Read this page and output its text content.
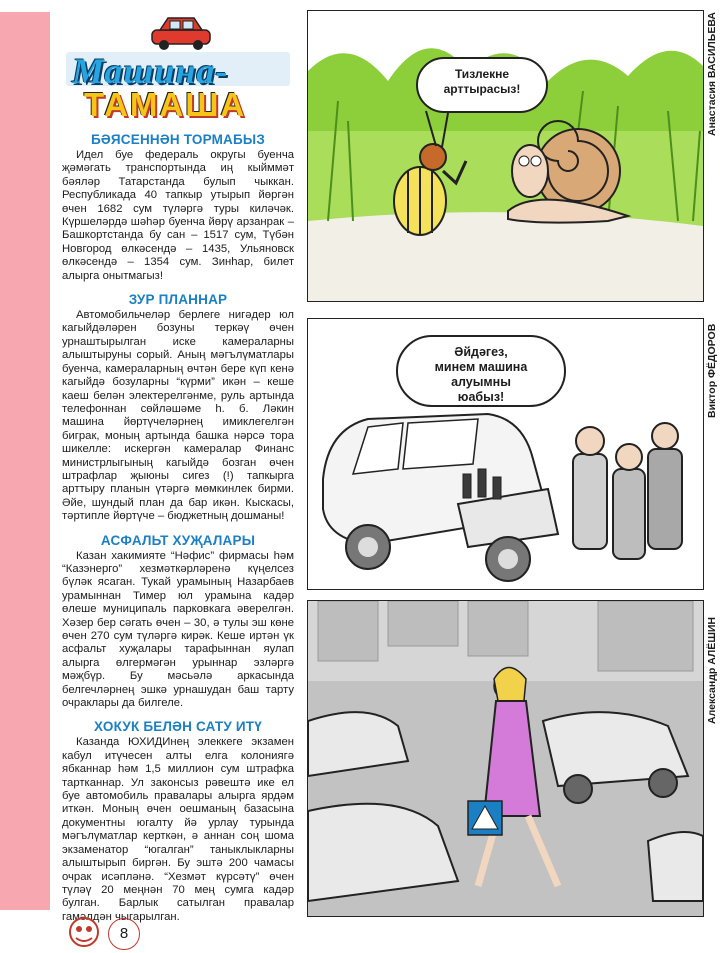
Машина-
ТАМАША
БӘЯСЕННӘН ТОРМАБЫЗ

Идел буе федераль округы буенча җәмәгать транспортында иң кыйммәт бәяләр Татарстанда булып чыккан. Республикада 40 тапкыр утырып йөргән өчен 1682 сум түләргә туры киләчәк. Күршеләрдә шәһәр буенча йөрү арзанрак – Башкортстанда бу сан – 1517 сум, Түбән Новгород өлкәсендә – 1435, Ульяновск өлкәсендә – 1354 сум. Зинһар, билет алырга онытмагыз!

ЗУР ПЛАННАР

Автомобильчеләр берлеге нигәдер юл кагыйдәләрен бозуны теркәү өчен урнаштырылган иске камераларны алыштыруны сорый. Аның мәгълүматлары буенча, камераларның өчтән бере күп кенә кагыйдә бозуларны “күрми” икән – кеше каеш белән электерелгәнме, руль артында телефоннан сөйләшәме һ. б. Ләкин машина йөртүчеләрнең имиклегелгән биграк, моның артында башка нәрсә тора шикелле: искергән камералар Финанс министрлыгының кагыйдә бозган өчен штрафлар җыюны сигез (!) тапкырга арттыру планын үтәргә мөмкинлек бирми. Әйе, шундый план да бар икән. Кыскасы, тәртипле йөртүче – бюджетның дошманы!

АСФАЛЬТ ХУҖАЛАРЫ

Казан хакимияте “Нәфис” фирмасы һәм “Казэнерго” хезмәткәрләренә күңелсез бүләк ясаган. Тукай урамының Назарбаев урамыннан Тимер юл урамына кадәр өлеше муниципаль парковкага әверелгән. Хәзер бер сәгать өчен – 30, ә тулы эш көне өчен 270 сум түләргә кирәк. Кеше иртән үк асфальт хуҗалары тарафыннан яулап алырга өлгермәгән урыннар эзләргә мәҗбүр. Бу мәсьәлә аркасында белгечләрнең эшкә урнашудан баш тарту очраклары да билгеле.

ХОКУК БЕЛӘН САТУ ИТҮ

Казанда ЮХИДИнең элеккеге экзамен кабул итүчесен алты елга колониягә ябканнар һәм 1,5 миллион сум штрафка тартканнар. Ул законсыз рәвештә ике ел буе автомобиль правалары алырга ярдәм иткән. Моның өчен оешманың базасына документны югалту йә урлау турында мәгълүматлар керткән, ә аннан соң шома экзаменатор “югалган” таныклыкларны алыштырып биргән. Бу эштә 200 чамасы очрак исәпләнә. “Хезмәт күрсәтү” өчен түләү 20 меңнән 70 мең сумга кадәр булган. Барлык сатылган правалар гамәлдән чыгарылган.

Тизлекне
арттырасыз!	Анастасия ВАСИЛЬЕВА
Әйдәгез,
минем машина алуымны
юабыз!	Виктор ФЁДОРОВ
Александр АЛЁШИН
8
